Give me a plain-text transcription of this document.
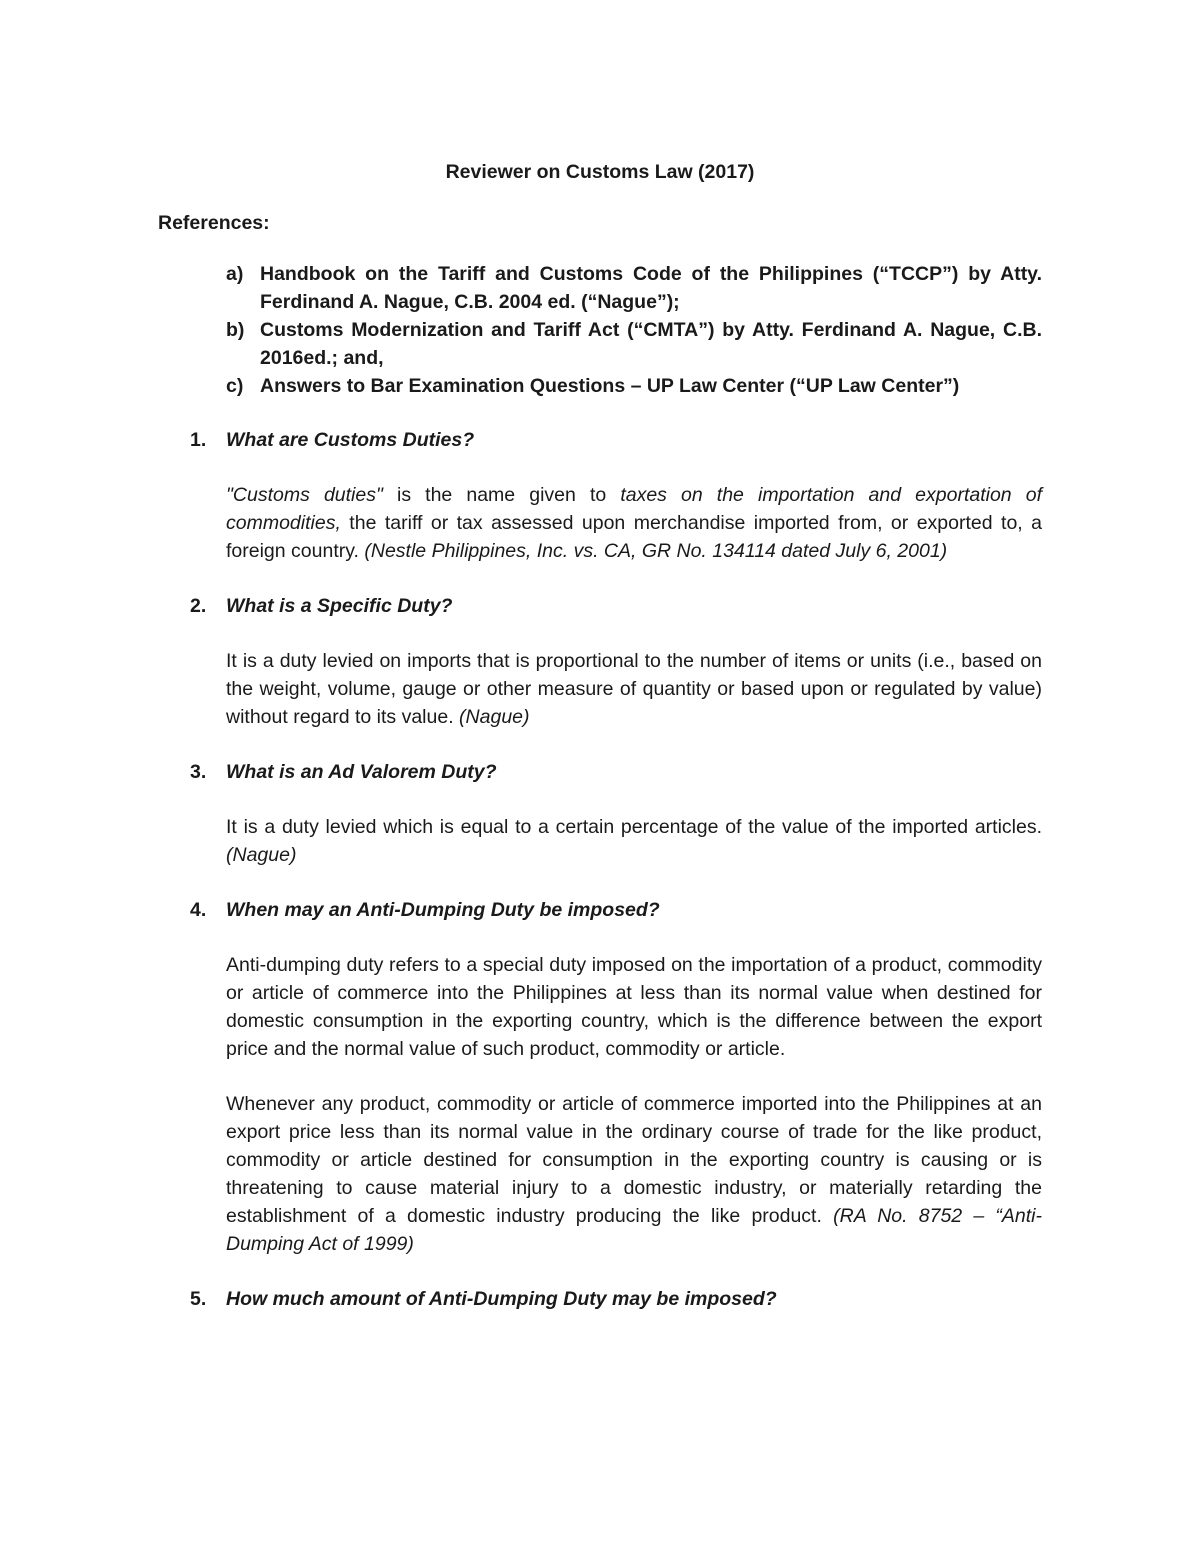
Reviewer on Customs Law (2017)
References:
a) Handbook on the Tariff and Customs Code of the Philippines (“TCCP”) by Atty. Ferdinand A. Nague, C.B. 2004 ed. (“Nague”);
b) Customs Modernization and Tariff Act (“CMTA”) by Atty. Ferdinand A. Nague, C.B. 2016ed.; and,
c) Answers to Bar Examination Questions – UP Law Center (“UP Law Center”)
1. What are Customs Duties?

"Customs duties" is the name given to taxes on the importation and exportation of commodities, the tariff or tax assessed upon merchandise imported from, or exported to, a foreign country. (Nestle Philippines, Inc. vs. CA, GR No. 134114 dated July 6, 2001)

2. What is a Specific Duty?

It is a duty levied on imports that is proportional to the number of items or units (i.e., based on the weight, volume, gauge or other measure of quantity or based upon or regulated by value) without regard to its value. (Nague)

3. What is an Ad Valorem Duty?

It is a duty levied which is equal to a certain percentage of the value of the imported articles. (Nague)

4. When may an Anti-Dumping Duty be imposed?

Anti-dumping duty refers to a special duty imposed on the importation of a product, commodity or article of commerce into the Philippines at less than its normal value when destined for domestic consumption in the exporting country, which is the difference between the export price and the normal value of such product, commodity or article.

Whenever any product, commodity or article of commerce imported into the Philippines at an export price less than its normal value in the ordinary course of trade for the like product, commodity or article destined for consumption in the exporting country is causing or is threatening to cause material injury to a domestic industry, or materially retarding the establishment of a domestic industry producing the like product. (RA No. 8752 – “Anti-Dumping Act of 1999)

5. How much amount of Anti-Dumping Duty may be imposed?
